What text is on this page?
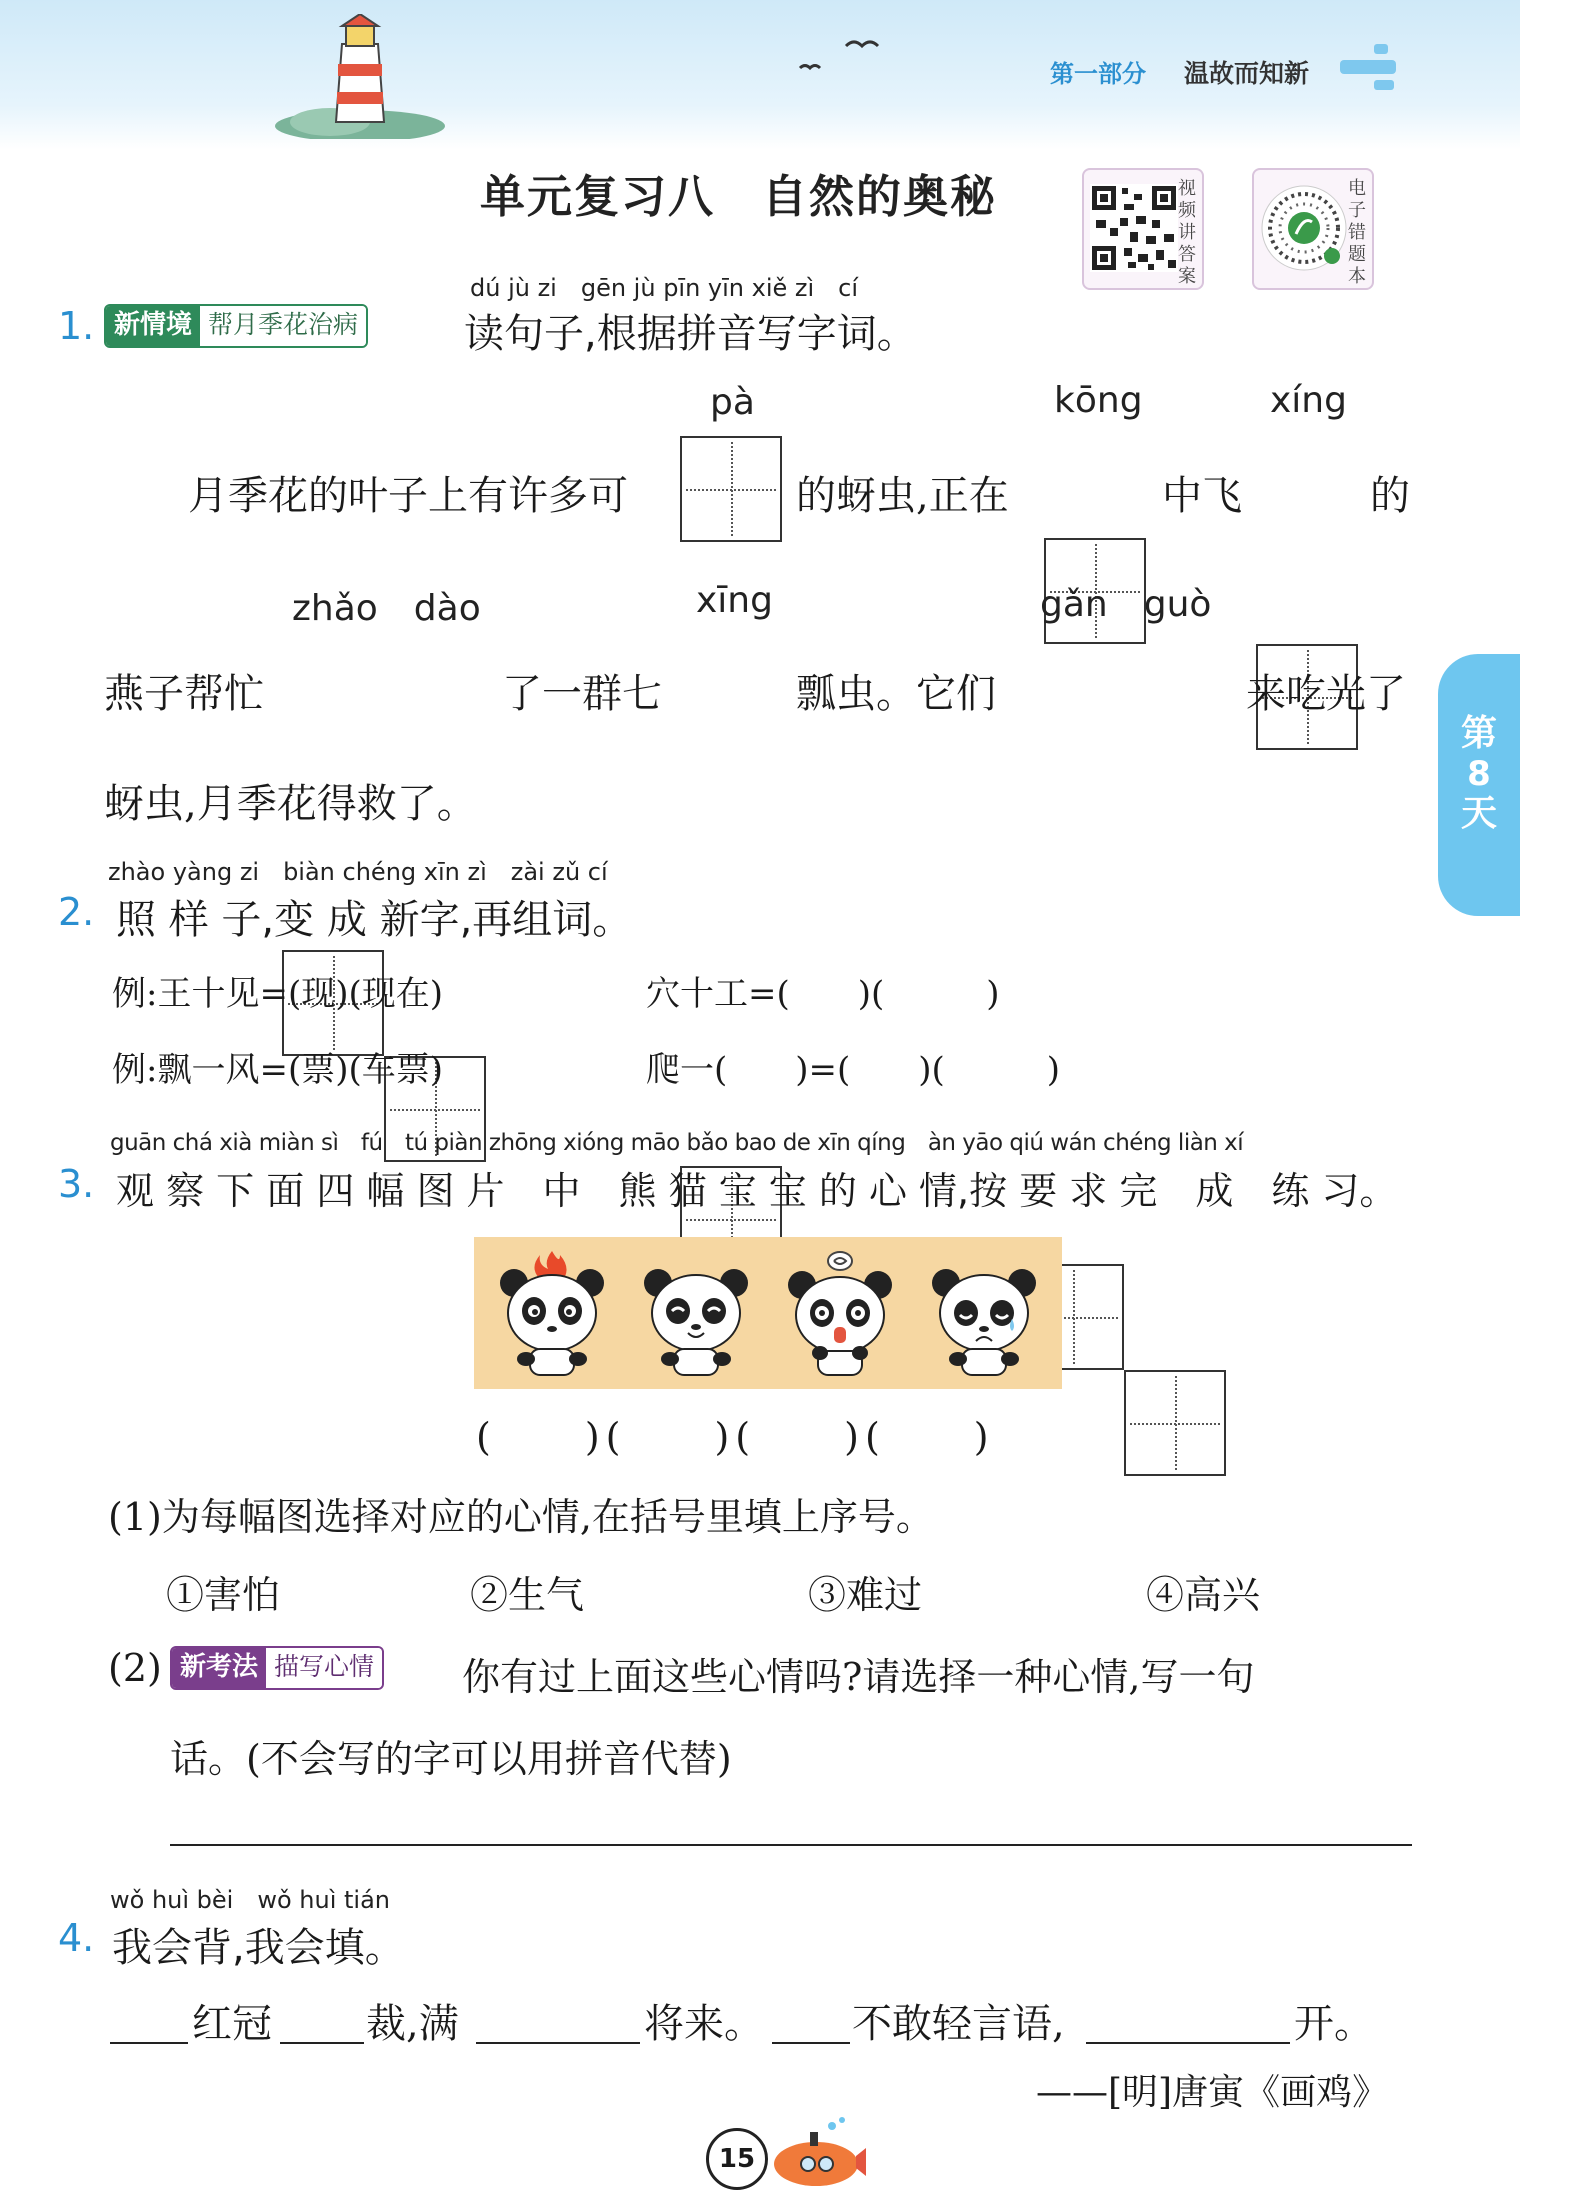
第一部分 温故而知新
单元复习八　自然的奥秘	视频讲答案
电子错题本
第
8
天
dú jù zi　gēn jù pīn yīn xiě zì　cí
1. 新情境 帮月季花治病	读句子,根据拼音写字词。
月季花的叶子上有许多可
pà
的蚜虫,正在
kōng
中飞
xíng
的
燕子帮忙
zhǎo　dào
了一群七
xīng
瓢虫。它们
gǎn　guò
来吃光了
蚜虫,月季花得救了。
zhào yàng zi　biàn chéng xīn zì　zài zǔ cí
2. 照 样 子,变 成 新字,再组词。
例:王十见=(现)(现在)	穴十工=(　　)(　　　)
例:飘一风=(票)(车票)	爬一(　　)=(　　)(　　　)
guān chá xià miàn sì　fú　tú piàn zhōng xióng māo bǎo bao de xīn qíng　àn yāo qiú wán chéng liàn xí
3. 观 察 下 面 四 幅 图 片　中　熊 猫 宝 宝 的 心 情,按 要 求 完　成　练 习。
(　　)(　　)(　　)(　　)
(1)为每幅图选择对应的心情,在括号里填上序号。
①害怕	②生气	③难过	④高兴
(2) 新考法 描写心情 你有过上面这些心情吗?请选择一种心情,写一句
话。(不会写的字可以用拼音代替)
wǒ huì bèi　wǒ huì tián
4. 我会背,我会填。
红冠 裁,满	将来。 不敢轻言语,	开。
——[明]唐寅《画鸡》
15
